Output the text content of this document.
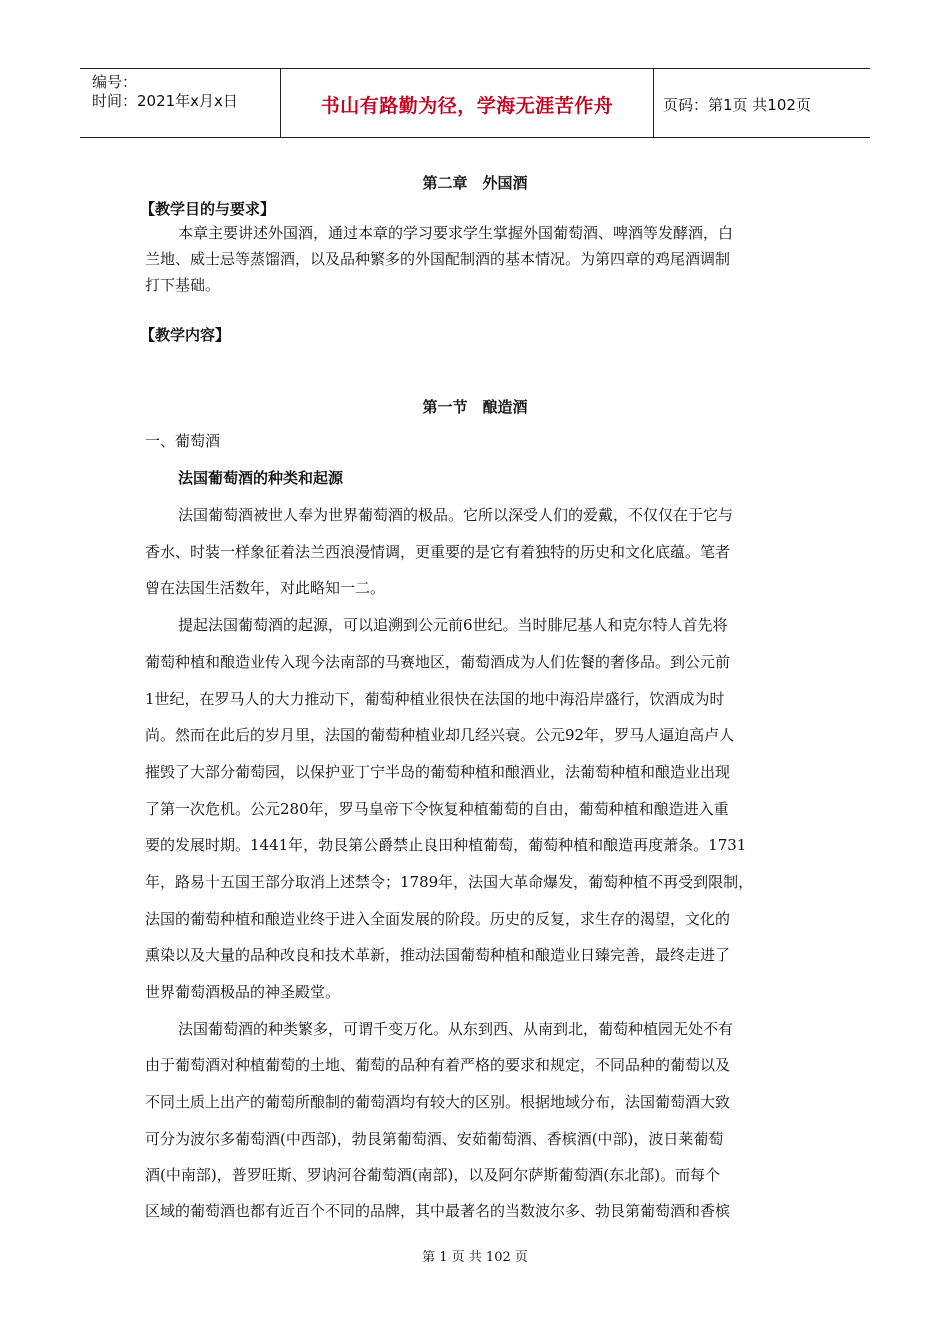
编号：
时间：2021年x月x日	书山有路勤为径，学海无涯苦作舟	页码：第1页 共102页
第二章　外国酒
【教学目的与要求】
本章主要讲述外国酒，通过本章的学习要求学生掌握外国葡萄酒、啤酒等发酵酒，白
兰地、威士忌等蒸馏酒，以及品种繁多的外国配制酒的基本情况。为第四章的鸡尾酒调制
打下基础。
【教学内容】
第一节　酿造酒
一、葡萄酒
法国葡萄酒的种类和起源
法国葡萄酒被世人奉为世界葡萄酒的极品。它所以深受人们的爱戴，不仅仅在于它与
香水、时装一样象征着法兰西浪漫情调，更重要的是它有着独特的历史和文化底蕴。笔者
曾在法国生活数年，对此略知一二。
提起法国葡萄酒的起源，可以追溯到公元前6世纪。当时腓尼基人和克尔特人首先将
葡萄种植和酿造业传入现今法南部的马赛地区，葡萄酒成为人们佐餐的奢侈品。到公元前
1世纪，在罗马人的大力推动下，葡萄种植业很快在法国的地中海沿岸盛行，饮酒成为时
尚。然而在此后的岁月里，法国的葡萄种植业却几经兴衰。公元92年，罗马人逼迫高卢人
摧毁了大部分葡萄园，以保护亚丁宁半岛的葡萄种植和酿酒业，法葡萄种植和酿造业出现
了第一次危机。公元280年，罗马皇帝下令恢复种植葡萄的自由，葡萄种植和酿造进入重
要的发展时期。1441年，勃艮第公爵禁止良田种植葡萄，葡萄种植和酿造再度萧条。1731
年，路易十五国王部分取消上述禁令；1789年，法国大革命爆发，葡萄种植不再受到限制，
法国的葡萄种植和酿造业终于进入全面发展的阶段。历史的反复，求生存的渴望，文化的
熏染以及大量的品种改良和技术革新，推动法国葡萄种植和酿造业日臻完善，最终走进了
世界葡萄酒极品的神圣殿堂。
法国葡萄酒的种类繁多，可谓千变万化。从东到西、从南到北，葡萄种植园无处不有
由于葡萄酒对种植葡萄的土地、葡萄的品种有着严格的要求和规定，不同品种的葡萄以及
不同土质上出产的葡萄所酿制的葡萄酒均有较大的区别。根据地域分布，法国葡萄酒大致
可分为波尔多葡萄酒(中西部)，勃艮第葡萄酒、安茹葡萄酒、香槟酒(中部)，波日莱葡萄
酒(中南部)，普罗旺斯、罗讷河谷葡萄酒(南部)，以及阿尔萨斯葡萄酒(东北部)。而每个
区域的葡萄酒也都有近百个不同的品牌，其中最著名的当数波尔多、勃艮第葡萄酒和香槟
第 1 页 共 102 页
